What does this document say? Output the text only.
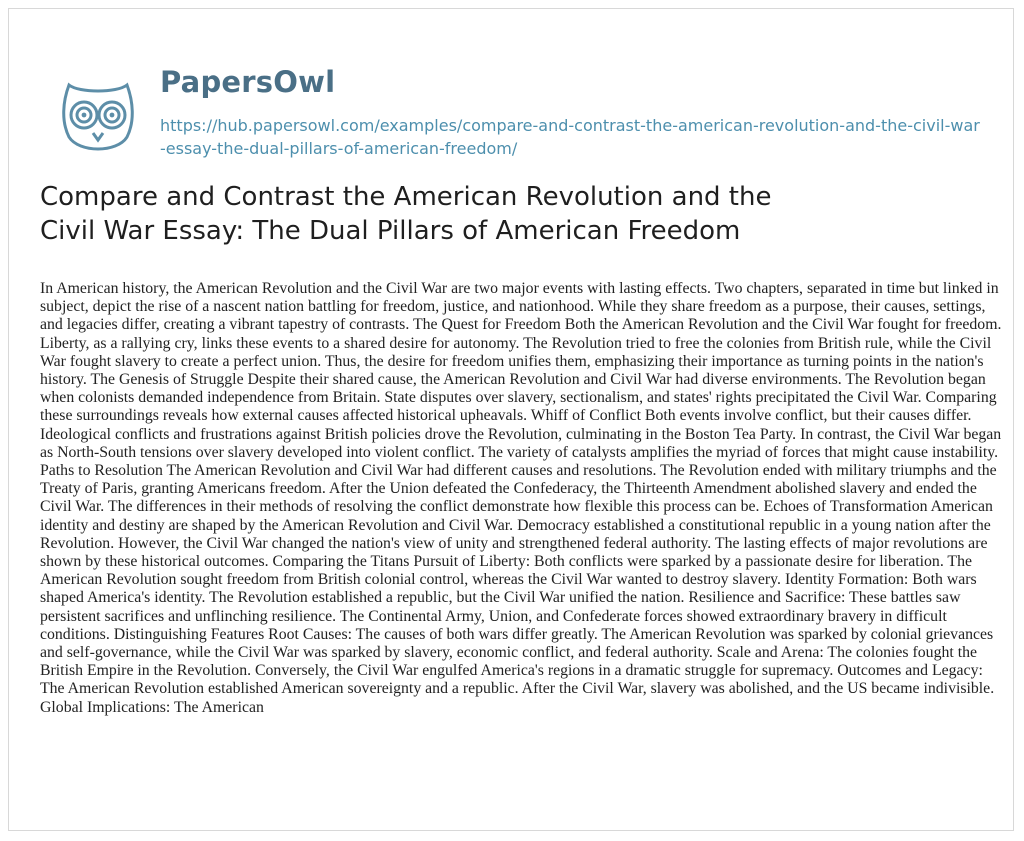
PapersOwl
https://hub.papersowl.com/examples/compare-and-contrast-the-american-revolution-and-the-civil-war-essay-the-dual-pillars-of-american-freedom/
Compare and Contrast the American Revolution and the Civil War Essay: The Dual Pillars of American Freedom

In American history, the American Revolution and the Civil War are two major events with lasting effects. Two chapters, separated in time but linked in subject, depict the rise of a nascent nation battling for freedom, justice, and nationhood. While they share freedom as a purpose, their causes, settings, and legacies differ, creating a vibrant tapestry of contrasts. The Quest for Freedom Both the American Revolution and the Civil War fought for freedom. Liberty, as a rallying cry, links these events to a shared desire for autonomy. The Revolution tried to free the colonies from British rule, while the Civil War fought slavery to create a perfect union. Thus, the desire for freedom unifies them, emphasizing their importance as turning points in the nation's history. The Genesis of Struggle Despite their shared cause, the American Revolution and Civil War had diverse environments. The Revolution began when colonists demanded independence from Britain. State disputes over slavery, sectionalism, and states' rights precipitated the Civil War. Comparing these surroundings reveals how external causes affected historical upheavals. Whiff of Conflict Both events involve conflict, but their causes differ. Ideological conflicts and frustrations against British policies drove the Revolution, culminating in the Boston Tea Party. In contrast, the Civil War began as North-South tensions over slavery developed into violent conflict. The variety of catalysts amplifies the myriad of forces that might cause instability. Paths to Resolution The American Revolution and Civil War had different causes and resolutions. The Revolution ended with military triumphs and the Treaty of Paris, granting Americans freedom. After the Union defeated the Confederacy, the Thirteenth Amendment abolished slavery and ended the Civil War. The differences in their methods of resolving the conflict demonstrate how flexible this process can be. Echoes of Transformation American identity and destiny are shaped by the American Revolution and Civil War. Democracy established a constitutional republic in a young nation after the Revolution. However, the Civil War changed the nation's view of unity and strengthened federal authority. The lasting effects of major revolutions are shown by these historical outcomes. Comparing the Titans Pursuit of Liberty: Both conflicts were sparked by a passionate desire for liberation. The American Revolution sought freedom from British colonial control, whereas the Civil War wanted to destroy slavery. Identity Formation: Both wars shaped America's identity. The Revolution established a republic, but the Civil War unified the nation. Resilience and Sacrifice: These battles saw persistent sacrifices and unflinching resilience. The Continental Army, Union, and Confederate forces showed extraordinary bravery in difficult conditions. Distinguishing Features Root Causes: The causes of both wars differ greatly. The American Revolution was sparked by colonial grievances and self-governance, while the Civil War was sparked by slavery, economic conflict, and federal authority. Scale and Arena: The colonies fought the British Empire in the Revolution. Conversely, the Civil War engulfed America's regions in a dramatic struggle for supremacy. Outcomes and Legacy: The American Revolution established American sovereignty and a republic. After the Civil War, slavery was abolished, and the US became indivisible. Global Implications: The American
